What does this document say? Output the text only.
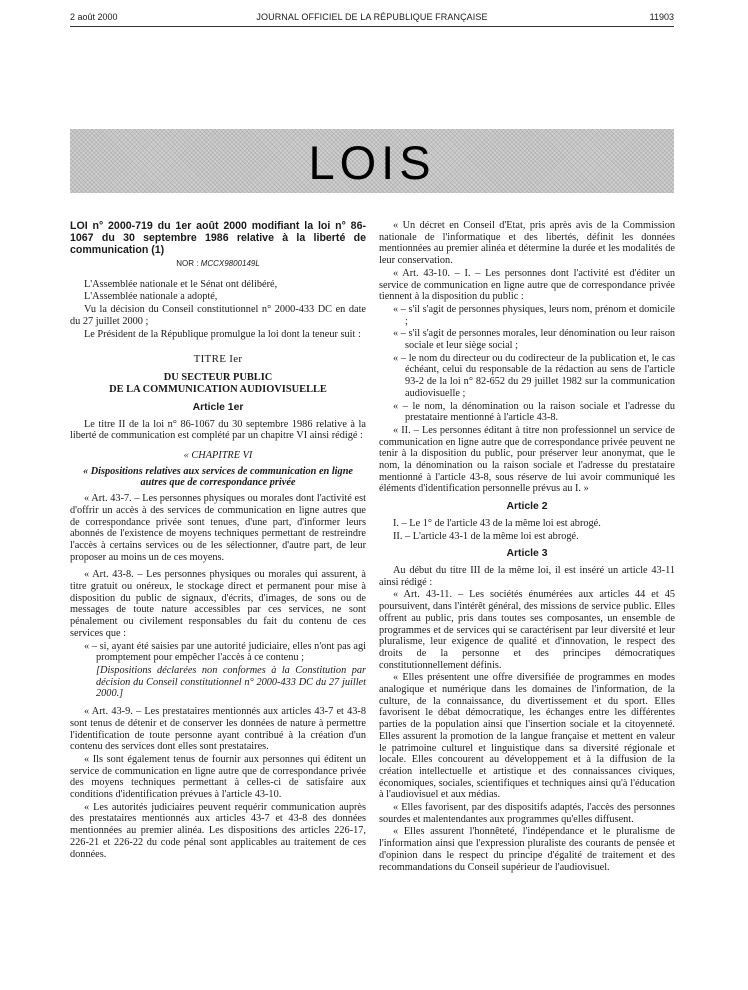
2 août 2000	JOURNAL OFFICIEL DE LA RÉPUBLIQUE FRANÇAISE	11903
LOIS

LOI n° 2000-719 du 1er août 2000 modifiant la loi n° 86-1067 du 30 septembre 1986 relative à la liberté de communication (1)

NOR : MCCX9800149L

L'Assemblée nationale et le Sénat ont délibéré,

L'Assemblée nationale a adopté,

Vu la décision du Conseil constitutionnel n° 2000-433 DC en date du 27 juillet 2000 ;

Le Président de la République promulgue la loi dont la teneur suit :

TITRE Ier
DU SECTEUR PUBLIC
DE LA COMMUNICATION AUDIOVISUELLE
Article 1er

Le titre II de la loi n° 86-1067 du 30 septembre 1986 relative à la liberté de communication est complété par un chapitre VI ainsi rédigé :

« CHAPITRE VI
« Dispositions relatives aux services de communication en ligne autres que de correspondance privée

« Art. 43-7. – Les personnes physiques ou morales dont l'activité est d'offrir un accès à des services de communication en ligne autres que de correspondance privée sont tenues, d'une part, d'informer leurs abonnés de l'existence de moyens techniques permettant de restreindre l'accès à certains services ou de les sélectionner, d'autre part, de leur proposer au moins un de ces moyens.

« Art. 43-8. – Les personnes physiques ou morales qui assurent, à titre gratuit ou onéreux, le stockage direct et permanent pour mise à disposition du public de signaux, d'écrits, d'images, de sons ou de messages de toute nature accessibles par ces services, ne sont pénalement ou civilement responsables du fait du contenu de ces services que :

« – si, ayant été saisies par une autorité judiciaire, elles n'ont pas agi promptement pour empêcher l'accès à ce contenu ;

[Dispositions déclarées non conformes à la Constitution par décision du Conseil constitutionnel n° 2000-433 DC du 27 juillet 2000.]

« Art. 43-9. – Les prestataires mentionnés aux articles 43-7 et 43-8 sont tenus de détenir et de conserver les données de nature à permettre l'identification de toute personne ayant contribué à la création d'un contenu des services dont elles sont prestataires.

« Ils sont également tenus de fournir aux personnes qui éditent un service de communication en ligne autre que de correspondance privée des moyens techniques permettant à celles-ci de satisfaire aux conditions d'identification prévues à l'article 43-10.

« Les autorités judiciaires peuvent requérir communication auprès des prestataires mentionnés aux articles 43-7 et 43-8 des données mentionnées au premier alinéa. Les dispositions des articles 226-17, 226-21 et 226-22 du code pénal sont applicables au traitement de ces données.

« Un décret en Conseil d'Etat, pris après avis de la Commission nationale de l'informatique et des libertés, définit les données mentionnées au premier alinéa et détermine la durée et les modalités de leur conservation.

« Art. 43-10. – I. – Les personnes dont l'activité est d'éditer un service de communication en ligne autre que de correspondance privée tiennent à la disposition du public :

« – s'il s'agit de personnes physiques, leurs nom, prénom et domicile ;

« – s'il s'agit de personnes morales, leur dénomination ou leur raison sociale et leur siège social ;

« – le nom du directeur ou du codirecteur de la publication et, le cas échéant, celui du responsable de la rédaction au sens de l'article 93-2 de la loi n° 82-652 du 29 juillet 1982 sur la communication audiovisuelle ;

« – le nom, la dénomination ou la raison sociale et l'adresse du prestataire mentionné à l'article 43-8.

« II. – Les personnes éditant à titre non professionnel un service de communication en ligne autre que de correspondance privée peuvent ne tenir à la disposition du public, pour préserver leur anonymat, que le nom, la dénomination ou la raison sociale et l'adresse du prestataire mentionné à l'article 43-8, sous réserve de lui avoir communiqué les éléments d'identification personnelle prévus au I. »

Article 2

I. – Le 1° de l'article 43 de la même loi est abrogé.

II. – L'article 43-1 de la même loi est abrogé.

Article 3

Au début du titre III de la même loi, il est inséré un article 43-11 ainsi rédigé :

« Art. 43-11. – Les sociétés énumérées aux articles 44 et 45 poursuivent, dans l'intérêt général, des missions de service public. Elles offrent au public, pris dans toutes ses composantes, un ensemble de programmes et de services qui se caractérisent par leur diversité et leur pluralisme, leur exigence de qualité et d'innovation, le respect des droits de la personne et des principes démocratiques constitutionnellement définis.

« Elles présentent une offre diversifiée de programmes en modes analogique et numérique dans les domaines de l'information, de la culture, de la connaissance, du divertissement et du sport. Elles favorisent le débat démocratique, les échanges entre les différentes parties de la population ainsi que l'insertion sociale et la citoyenneté. Elles assurent la promotion de la langue française et mettent en valeur le patrimoine culturel et linguistique dans sa diversité régionale et locale. Elles concourent au développement et à la diffusion de la création intellectuelle et artistique et des connaissances civiques, économiques, sociales, scientifiques et techniques ainsi qu'à l'éducation à l'audiovisuel et aux médias.

« Elles favorisent, par des dispositifs adaptés, l'accès des personnes sourdes et malentendantes aux programmes qu'elles diffusent.

« Elles assurent l'honnêteté, l'indépendance et le pluralisme de l'information ainsi que l'expression pluraliste des courants de pensée et d'opinion dans le respect du principe d'égalité de traitement et des recommandations du Conseil supérieur de l'audiovisuel.
